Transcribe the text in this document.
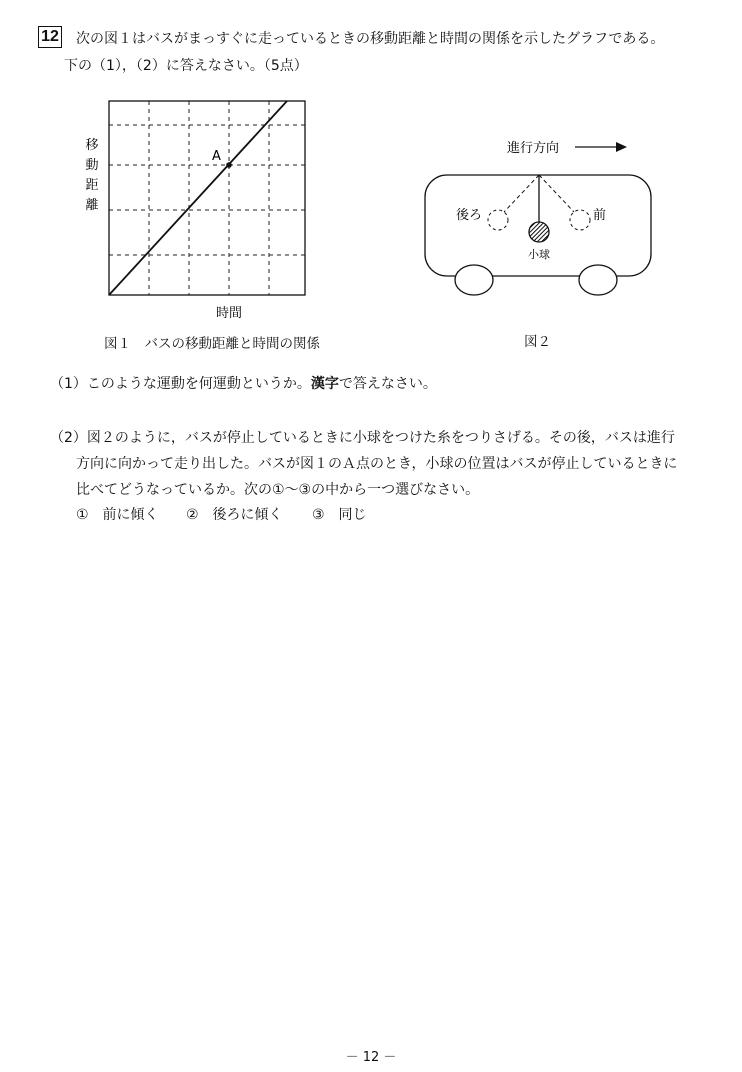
12 次の図１はバスがまっすぐに走っているときの移動距離と時間の関係を示したグラフである。
下の（1），（2）に答えなさい。（5点）
移
動
距
離
A
時間
図１　バスの移動距離と時間の関係
進行方向
後ろ	前
小球
図２
（1）このような運動を何運動というか。漢字で答えなさい。
（2）図２のように，バスが停止しているときに小球をつけた糸をつりさげる。その後，バスは進行
方向に向かって走り出した。バスが図１のＡ点のとき，小球の位置はバスが停止しているときに
比べてどうなっているか。次の①～③の中から一つ選びなさい。
①　前に傾く ②　後ろに傾く ③　同じ
－ 12 －
